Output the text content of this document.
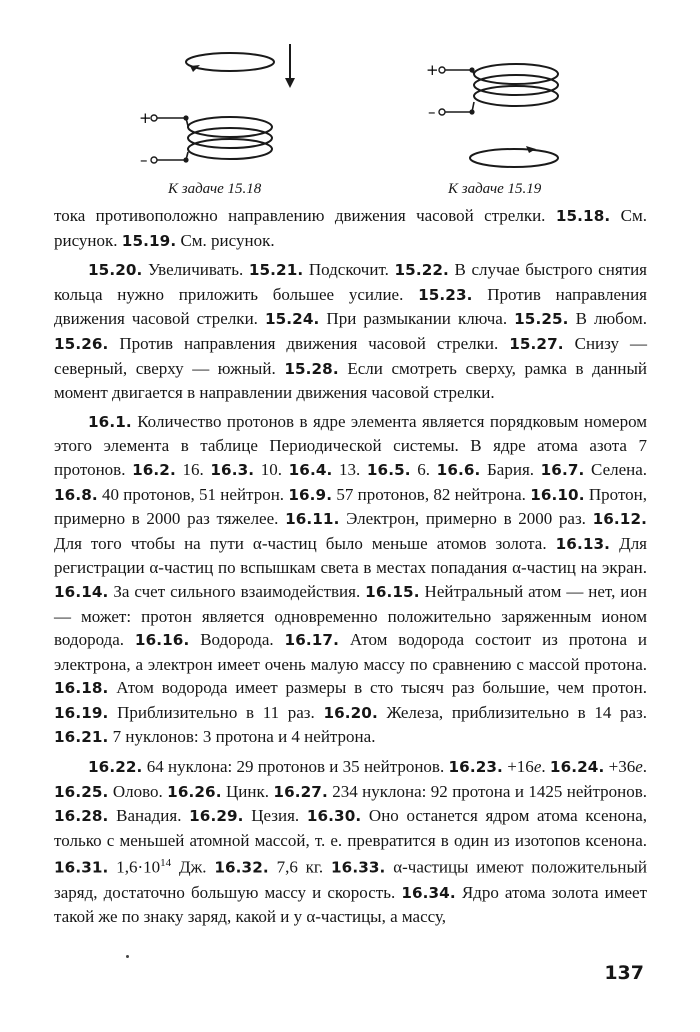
+
–
К задаче 15.18
+
–
К задаче 15.19

тока противоположно направлению движения часовой стрелки. 15.18. См. рисунок. 15.19. См. рисунок.

15.20. Увеличивать. 15.21. Подскочит. 15.22. В случае быстрого снятия кольца нужно приложить большее усилие. 15.23. Против направления движения часовой стрелки. 15.24. При размыкании ключа. 15.25. В любом. 15.26. Против направления движения часовой стрелки. 15.27. Снизу — северный, сверху — южный. 15.28. Если смотреть сверху, рамка в данный момент двигается в направлении движения часовой стрелки.

16.1. Количество протонов в ядре элемента является порядковым номером этого элемента в таблице Периодической системы. В ядре атома азота 7 протонов. 16.2. 16. 16.3. 10. 16.4. 13. 16.5. 6. 16.6. Бария. 16.7. Селена. 16.8. 40 протонов, 51 нейтрон. 16.9. 57 протонов, 82 нейтрона. 16.10. Протон, примерно в 2000 раз тяжелее. 16.11. Электрон, примерно в 2000 раз. 16.12. Для того чтобы на пути α-частиц было меньше атомов золота. 16.13. Для регистрации α-частиц по вспышкам света в местах попадания α-частиц на экран. 16.14. За счет сильного взаимодействия. 16.15. Нейтральный атом — нет, ион — может: протон является одновременно положительно заряженным ионом водорода. 16.16. Водорода. 16.17. Атом водорода состоит из протона и электрона, а электрон имеет очень малую массу по сравнению с массой протона. 16.18. Атом водорода имеет размеры в сто тысяч раз большие, чем протон. 16.19. Приблизительно в 11 раз. 16.20. Железа, приблизительно в 14 раз. 16.21. 7 нуклонов: 3 протона и 4 нейтрона.

16.22. 64 нуклона: 29 протонов и 35 нейтронов. 16.23. +16e. 16.24. +36e. 16.25. Олово. 16.26. Цинк. 16.27. 234 нуклона: 92 протона и 1425 нейтронов. 16.28. Ванадия. 16.29. Цезия. 16.30. Оно останется ядром атома ксенона, только с меньшей атомной массой, т. е. превратится в один из изотопов ксенона. 16.31. $1,6\cdot 10^{14}$ Дж. 16.32. 7,6 кг. 16.33. α-частицы имеют положительный заряд, достаточно большую массу и скорость. 16.34. Ядро атома золота имеет такой же по знаку заряд, какой и у α-частицы, а массу,

137
